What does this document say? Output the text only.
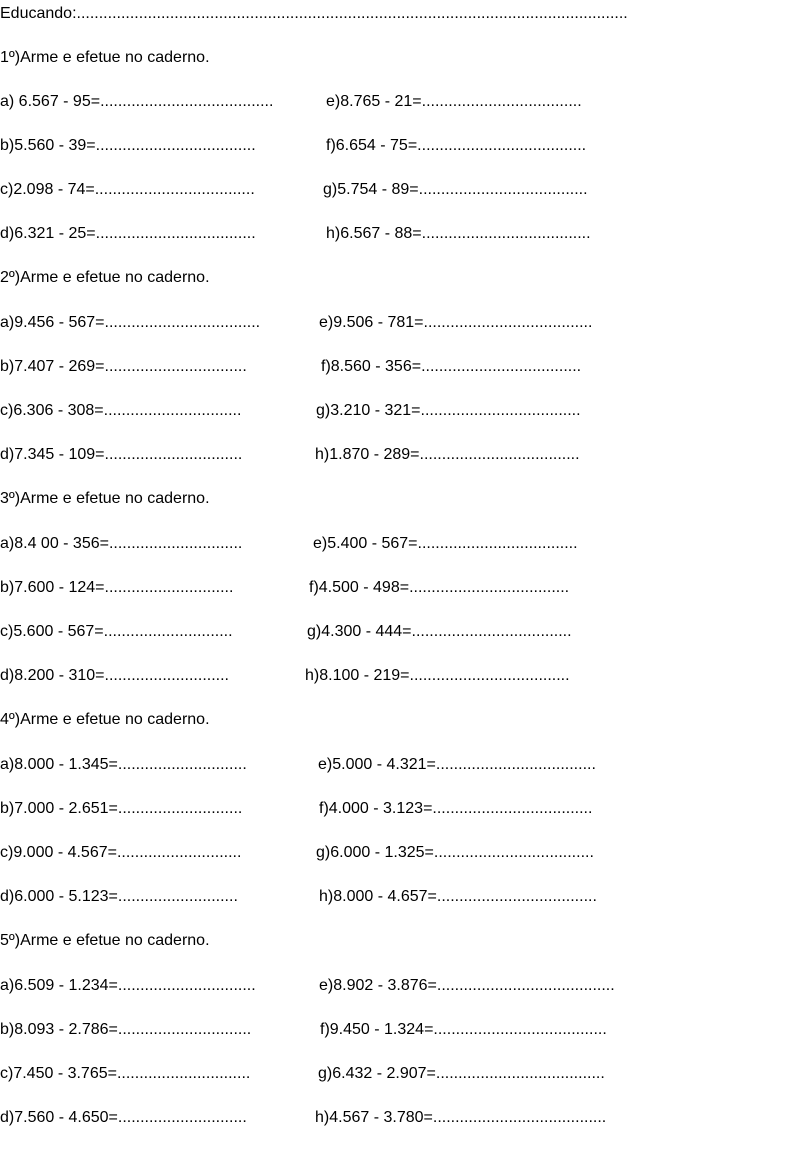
Educando:............................................................................................................................
1º)Arme e efetue no caderno.
a) 6.567 - 95=.......................................	e)8.765 - 21=....................................
b)5.560 - 39=....................................	f)6.654 - 75=......................................
c)2.098 - 74=....................................	g)5.754 - 89=......................................
d)6.321 - 25=....................................	h)6.567 - 88=......................................
2º)Arme e efetue no caderno.
a)9.456 - 567=...................................	e)9.506 - 781=......................................
b)7.407 - 269=................................	f)8.560 - 356=....................................
c)6.306 - 308=...............................	g)3.210 - 321=....................................
d)7.345 - 109=...............................	h)1.870 - 289=....................................
3º)Arme e efetue no caderno.
a)8.4 00 - 356=..............................	e)5.400 - 567=....................................
b)7.600 - 124=.............................	f)4.500 - 498=....................................
c)5.600 - 567=.............................	g)4.300 - 444=....................................
d)8.200 - 310=............................	h)8.100 - 219=....................................
4º)Arme e efetue no caderno.
a)8.000 - 1.345=.............................	e)5.000 - 4.321=....................................
b)7.000 - 2.651=............................	f)4.000 - 3.123=....................................
c)9.000 - 4.567=............................	g)6.000 - 1.325=....................................
d)6.000 - 5.123=...........................	h)8.000 - 4.657=....................................
5º)Arme e efetue no caderno.
a)6.509 - 1.234=...............................	e)8.902 - 3.876=........................................
b)8.093 - 2.786=..............................	f)9.450 - 1.324=.......................................
c)7.450 - 3.765=..............................	g)6.432 - 2.907=......................................
d)7.560 - 4.650=.............................	h)4.567 - 3.780=.......................................
